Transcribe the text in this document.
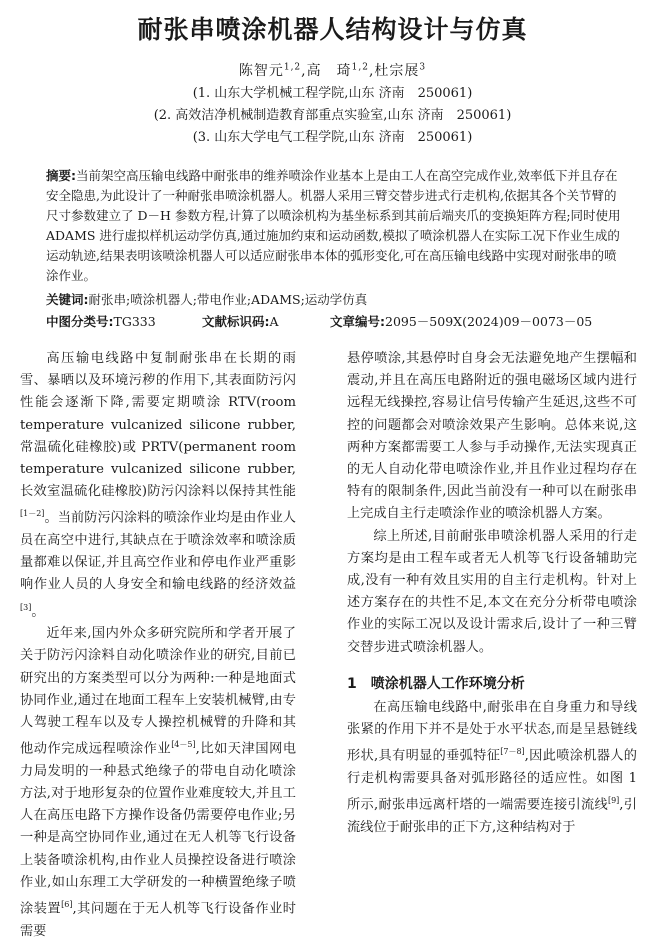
耐张串喷涂机器人结构设计与仿真
陈智元$^{1,2}$,高　琦$^{1,2}$,杜宗展$^3$
(1. 山东大学机械工程学院,山东 济南　250061)
(2. 高效洁净机械制造教育部重点实验室,山东 济南　250061)
(3. 山东大学电气工程学院,山东 济南　250061)
摘要:当前架空高压输电线路中耐张串的维养喷涂作业基本上是由工人在高空完成作业,效率低下并且存在安全隐患,为此设计了一种耐张串喷涂机器人。机器人采用三臂交替步进式行走机构,依据其各个关节臂的尺寸参数建立了 D－H 参数方程,计算了以喷涂机构为基坐标系到其前后端夹爪的变换矩阵方程;同时使用 ADAMS 进行虚拟样机运动学仿真,通过施加约束和运动函数,模拟了喷涂机器人在实际工况下作业生成的运动轨迹,结果表明该喷涂机器人可以适应耐张串本体的弧形变化,可在高压输电线路中实现对耐张串的喷涂作业。
关键词:耐张串;喷涂机器人;带电作业;ADAMS;运动学仿真
中图分类号:TG333	文献标识码:A	文章编号:2095－509X(2024)09－0073－05

高压输电线路中复制耐张串在长期的雨雪、暴晒以及环境污秽的作用下,其表面防污闪性能会逐渐下降,需要定期喷涂 RTV(room temperature vulcanized silicone rubber,常温硫化硅橡胶)或 PRTV(permanent room temperature vulcanized silicone rubber,长效室温硫化硅橡胶)防污闪涂料以保持其性能[1－2]。当前防污闪涂料的喷涂作业均是由作业人员在高空中进行,其缺点在于喷涂效率和喷涂质量都难以保证,并且高空作业和停电作业严重影响作业人员的人身安全和输电线路的经济效益[3]。

近年来,国内外众多研究院所和学者开展了关于防污闪涂料自动化喷涂作业的研究,目前已研究出的方案类型可以分为两种:一种是地面式协同作业,通过在地面工程车上安装机械臂,由专人驾驶工程车以及专人操控机械臂的升降和其他动作完成远程喷涂作业[4－5],比如天津国网电力局发明的一种悬式绝缘子的带电自动化喷涂方法,对于地形复杂的位置作业难度较大,并且工人在高压电路下方操作设备仍需要停电作业;另一种是高空协同作业,通过在无人机等飞行设备上装备喷涂机构,由作业人员操控设备进行喷涂作业,如山东理工大学研发的一种横置绝缘子喷涂装置[6],其问题在于无人机等飞行设备作业时需要

悬停喷涂,其悬停时自身会无法避免地产生摆幅和震动,并且在高压电路附近的强电磁场区域内进行远程无线操控,容易让信号传输产生延迟,这些不可控的问题都会对喷涂效果产生影响。总体来说,这两种方案都需要工人参与手动操作,无法实现真正的无人自动化带电喷涂作业,并且作业过程均存在特有的限制条件,因此当前没有一种可以在耐张串上完成自主行走喷涂作业的喷涂机器人方案。

综上所述,目前耐张串喷涂机器人采用的行走方案均是由工程车或者无人机等飞行设备辅助完成,没有一种有效且实用的自主行走机构。针对上述方案存在的共性不足,本文在充分分析带电喷涂作业的实际工况以及设计需求后,设计了一种三臂交替步进式喷涂机器人。

1　喷涂机器人工作环境分析

在高压输电线路中,耐张串在自身重力和导线张紧的作用下并不是处于水平状态,而是呈悬链线形状,具有明显的垂弧特征[7－8],因此喷涂机器人的行走机构需要具备对弧形路径的适应性。如图 1 所示,耐张串远离杆塔的一端需要连接引流线[9],引流线位于耐张串的正下方,这种结构对于
